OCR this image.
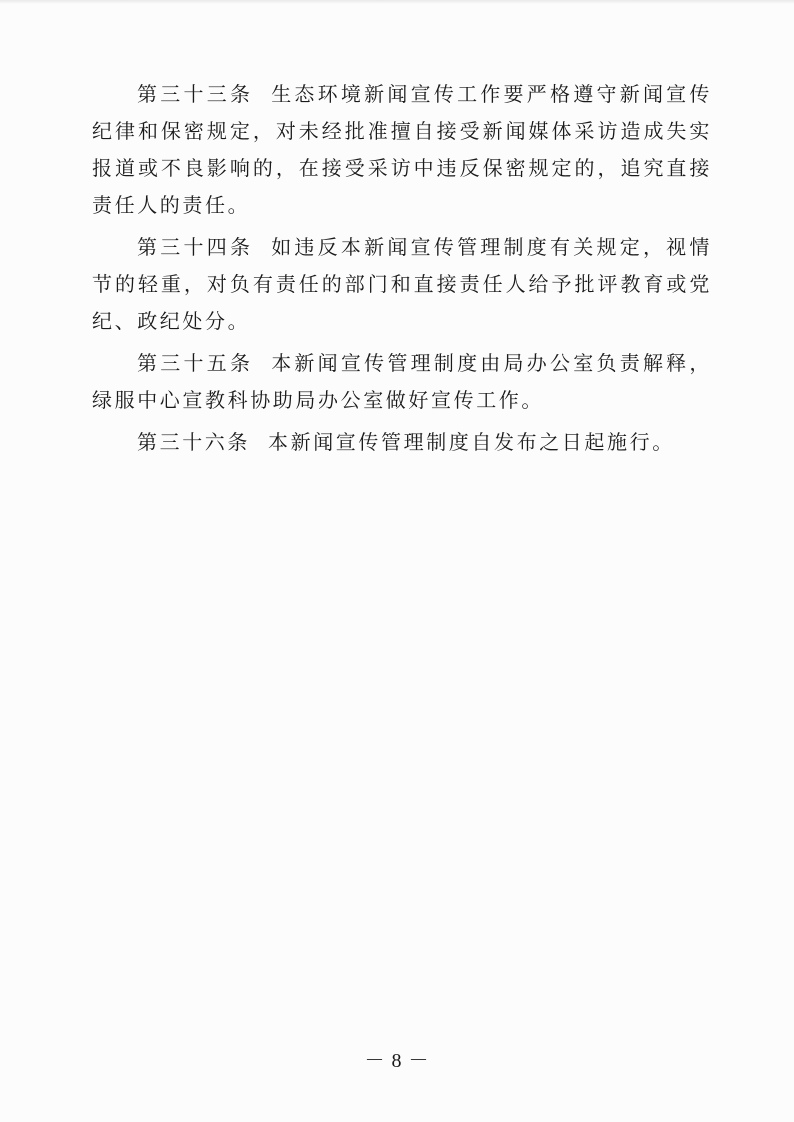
第三十三条 生态环境新闻宣传工作要严格遵守新闻宣传纪律和保密规定，对未经批准擅自接受新闻媒体采访造成失实报道或不良影响的，在接受采访中违反保密规定的，追究直接责任人的责任。

第三十四条 如违反本新闻宣传管理制度有关规定，视情节的轻重，对负有责任的部门和直接责任人给予批评教育或党纪、政纪处分。

第三十五条 本新闻宣传管理制度由局办公室负责解释，绿服中心宣教科协助局办公室做好宣传工作。

第三十六条 本新闻宣传管理制度自发布之日起施行。

－ 8 －
